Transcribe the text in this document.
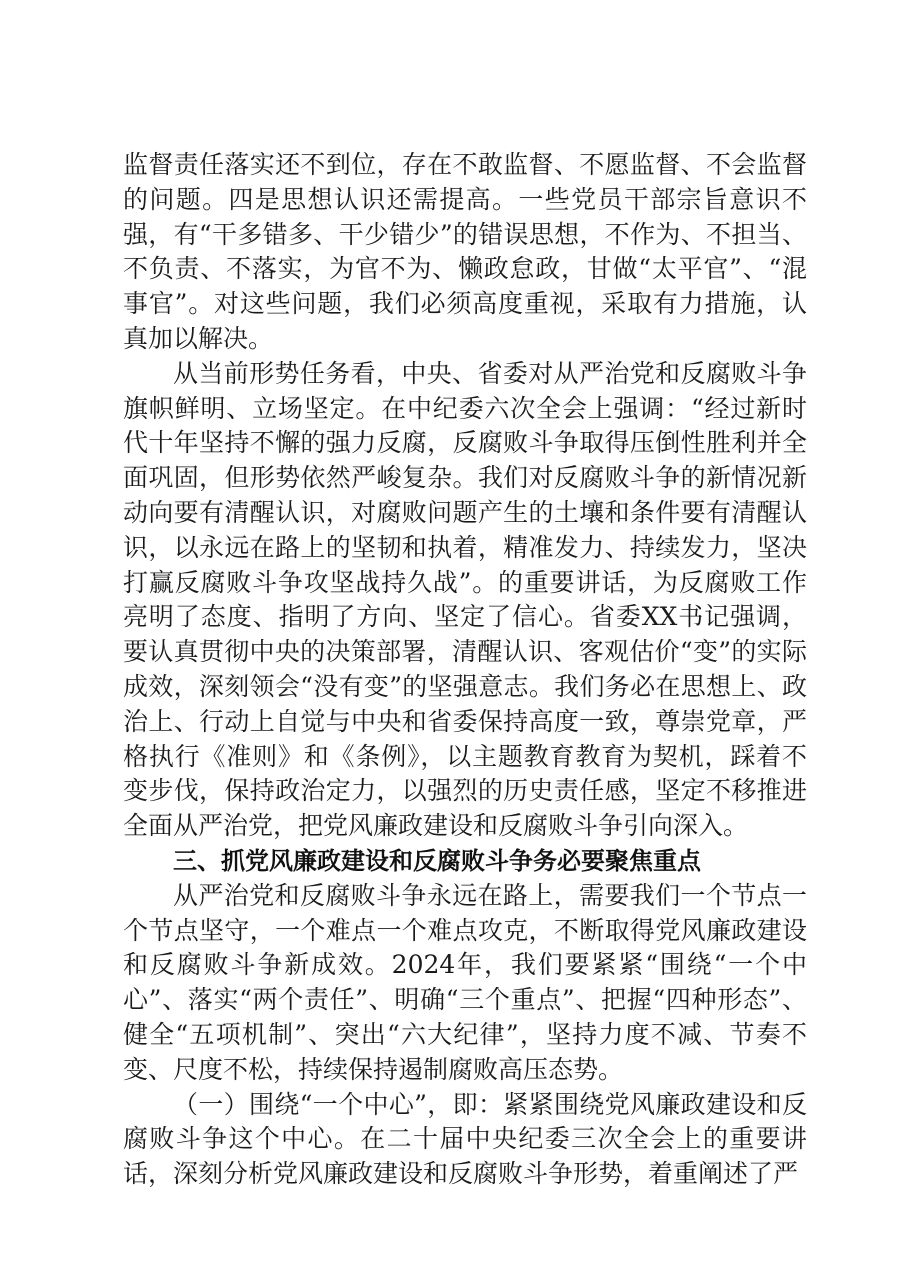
监督责任落实还不到位，存在不敢监督、不愿监督、不会监督的问题。四是思想认识还需提高。一些党员干部宗旨意识不强，有“干多错多、干少错少”的错误思想，不作为、不担当、不负责、不落实，为官不为、懒政怠政，甘做“太平官”、“混事官”。对这些问题，我们必须高度重视，采取有力措施，认真加以解决。

从当前形势任务看，中央、省委对从严治党和反腐败斗争旗帜鲜明、立场坚定。在中纪委六次全会上强调：“经过新时代十年坚持不懈的强力反腐，反腐败斗争取得压倒性胜利并全面巩固，但形势依然严峻复杂。我们对反腐败斗争的新情况新动向要有清醒认识，对腐败问题产生的土壤和条件要有清醒认识，以永远在路上的坚韧和执着，精准发力、持续发力，坚决打赢反腐败斗争攻坚战持久战”。的重要讲话，为反腐败工作亮明了态度、指明了方向、坚定了信心。省委XX书记强调，要认真贯彻中央的决策部署，清醒认识、客观估价“变”的实际成效，深刻领会“没有变”的坚强意志。我们务必在思想上、政治上、行动上自觉与中央和省委保持高度一致，尊崇党章，严格执行《准则》和《条例》，以主题教育教育为契机，踩着不变步伐，保持政治定力，以强烈的历史责任感，坚定不移推进全面从严治党，把党风廉政建设和反腐败斗争引向深入。

三、抓党风廉政建设和反腐败斗争务必要聚焦重点

从严治党和反腐败斗争永远在路上，需要我们一个节点一个节点坚守，一个难点一个难点攻克，不断取得党风廉政建设和反腐败斗争新成效。2024年，我们要紧紧“围绕“一个中心”、落实“两个责任”、明确“三个重点”、把握“四种形态”、健全“五项机制”、突出“六大纪律”，坚持力度不减、节奏不变、尺度不松，持续保持遏制腐败高压态势。

（一）围绕“一个中心”，即：紧紧围绕党风廉政建设和反腐败斗争这个中心。在二十届中央纪委三次全会上的重要讲话，深刻分析党风廉政建设和反腐败斗争形势，着重阐述了严
